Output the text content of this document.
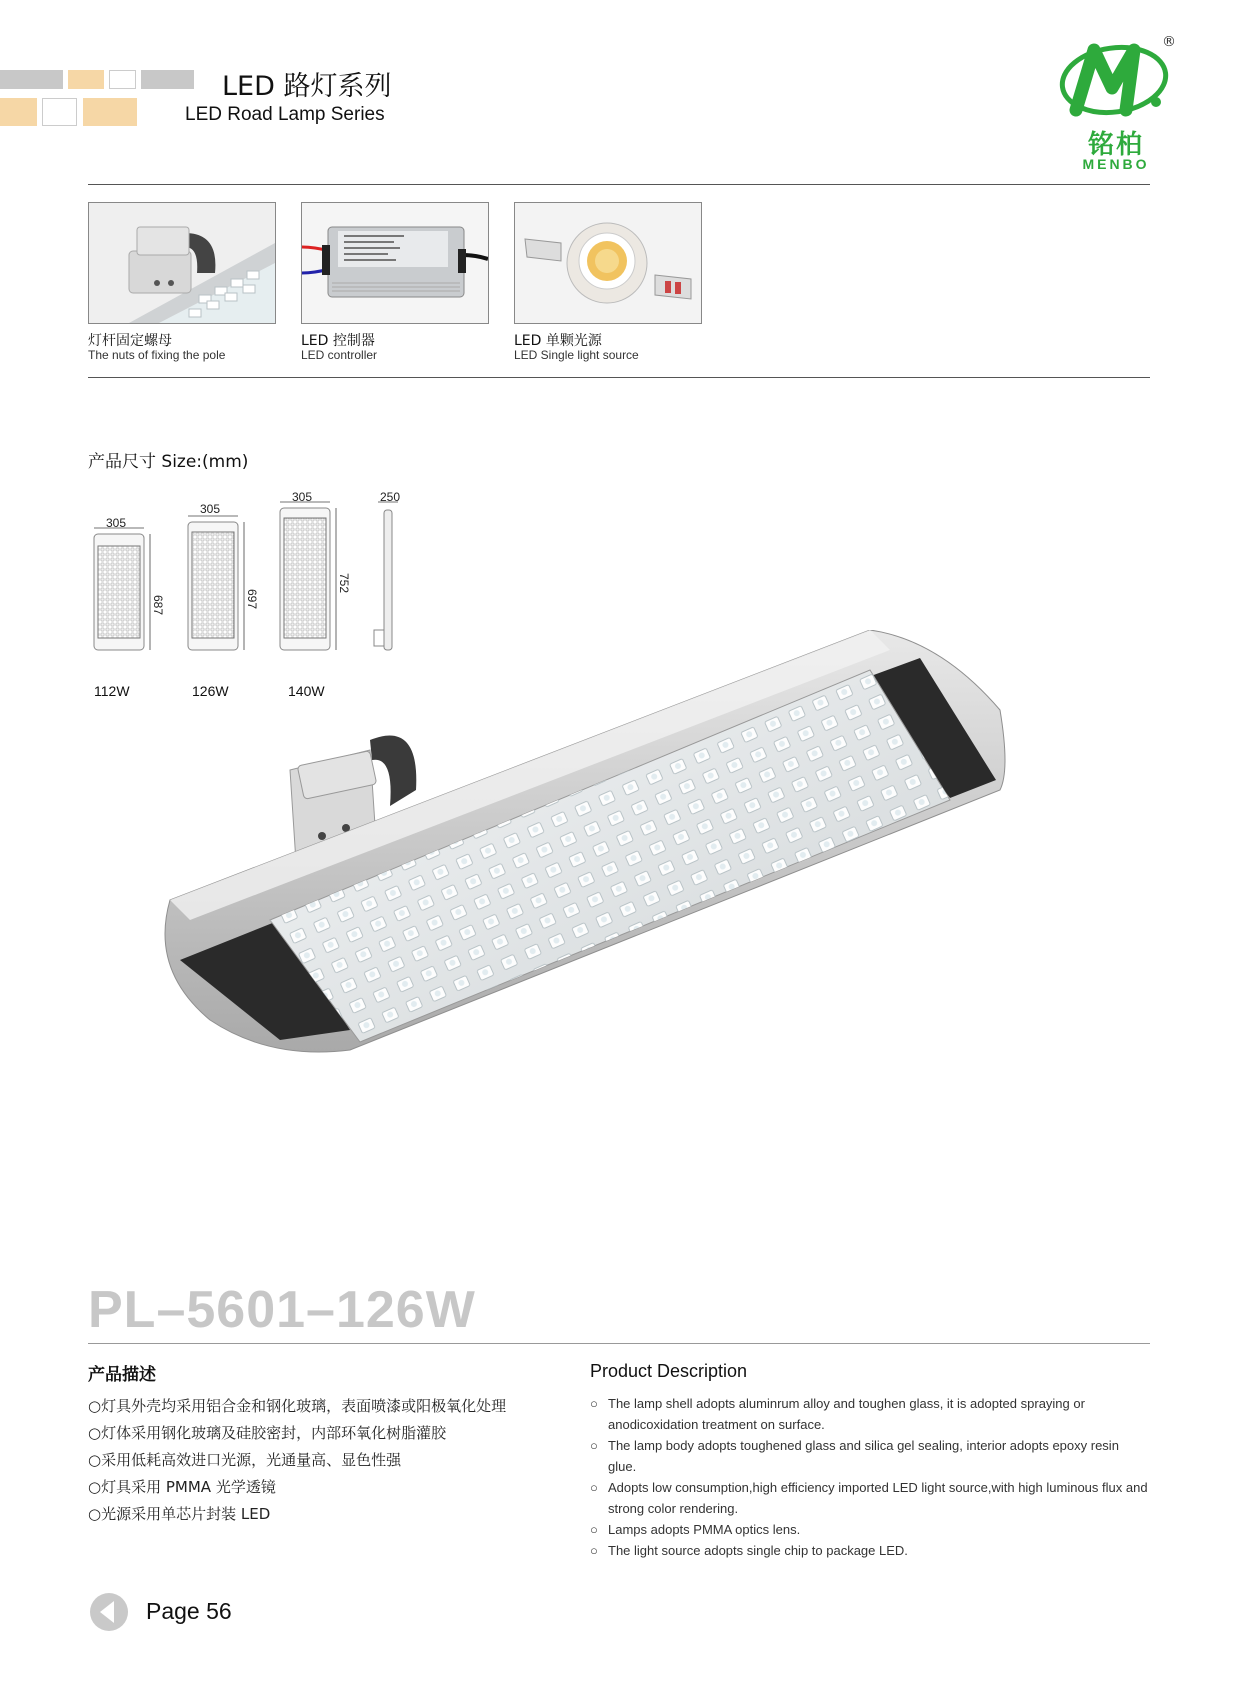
LED 路灯系列
LED Road Lamp Series
®
铭柏
MENBO
灯杆固定螺母
The nuts of fixing the pole
LED 控制器
LED controller
LED 单颗光源
LED Single light source
产品尺寸 Size:(mm)
305
305
305	250
687	697
752
112W	126W	140W
PL–5601–126W
产品描述	Product Description
○灯具外壳均采用铝合金和钢化玻璃，表面喷漆或阳极氧化处理
○灯体采用钢化玻璃及硅胶密封，内部环氧化树脂灌胶
○采用低耗高效进口光源，光通量高、显色性强
○灯具采用 PMMA 光学透镜
○光源采用单芯片封装 LED
○ The lamp shell adopts aluminrum alloy and toughen glass, it is adopted spraying or anodicoxidation treatment on surface.
○ The lamp body adopts toughened glass and silica gel sealing, interior adopts epoxy resin glue.
○ Adopts low consumption,high efficiency imported LED light source,with high luminous flux and strong color rendering.
○ Lamps adopts PMMA optics lens.
○ The light source adopts single chip to package LED.
Page 56
